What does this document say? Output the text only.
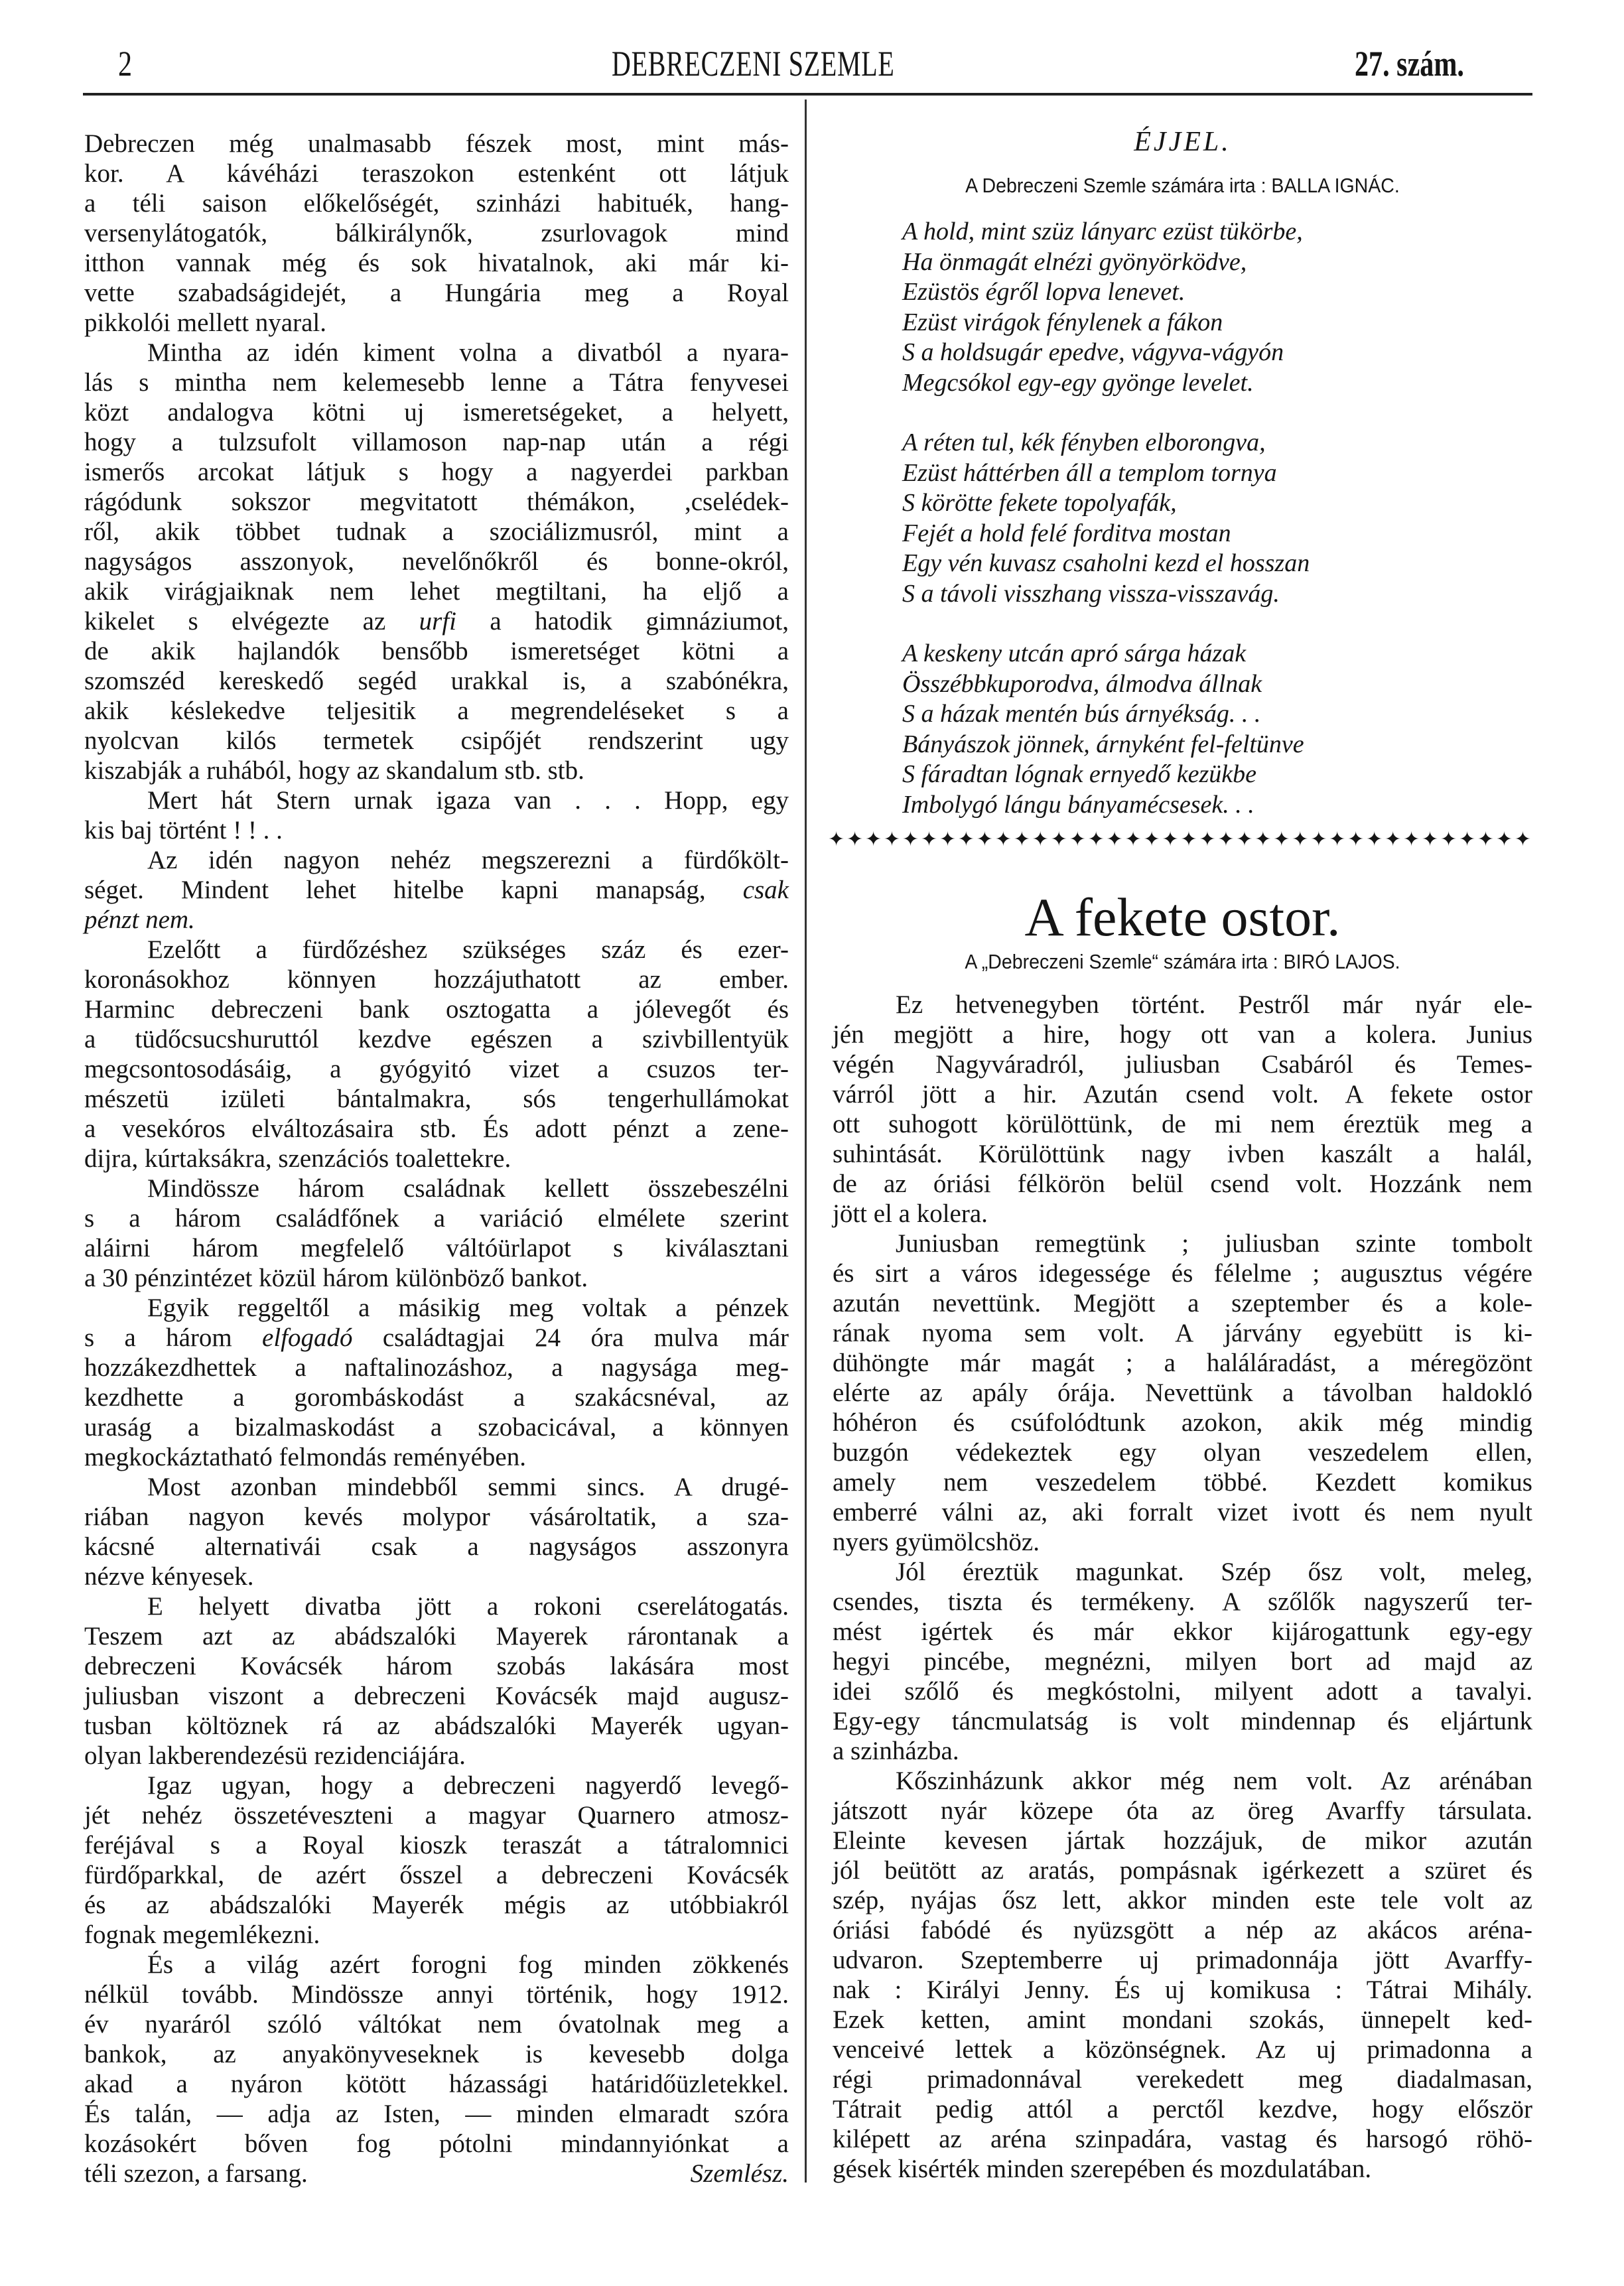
2	DEBRECZENI SZEMLE	27. szám.
Debreczen még unalmasabb fészek most, mint más-
kor. A kávéházi teraszokon estenként ott látjuk
a téli saison előkelőségét, szinházi habituék, hang-
versenylátogatók, bálkirálynők, zsurlovagok mind
itthon vannak még és sok hivatalnok, aki már ki-
vette szabadságidejét, a Hungária meg a Royal
pikkolói mellett nyaral.
Mintha az idén kiment volna a divatból a nyara-
lás s mintha nem kelemesebb lenne a Tátra fenyvesei
közt andalogva kötni uj ismeretségeket, a helyett,
hogy a tulzsufolt villamoson nap-nap után a régi
ismerős arcokat látjuk s hogy a nagyerdei parkban
rágódunk sokszor megvitatott thémákon, ,cselédek-
ről, akik többet tudnak a szociálizmusról, mint a
nagyságos asszonyok, nevelőnőkről és bonne-okról,
akik virágjaiknak nem lehet megtiltani, ha eljő a
kikelet s elvégezte az urfi a hatodik gimnáziumot,
de akik hajlandók bensőbb ismeretséget kötni a
szomszéd kereskedő segéd urakkal is, a szabónékra,
akik késlekedve teljesitik a megrendeléseket s a
nyolcvan kilós termetek csipőjét rendszerint ugy
kiszabják a ruhából, hogy az skandalum stb. stb.
Mert hát Stern urnak igaza van . . . Hopp, egy
kis baj történt ! ! . .
Az idén nagyon nehéz megszerezni a fürdőkölt-
séget. Mindent lehet hitelbe kapni manapság, csak
pénzt nem.
Ezelőtt a fürdőzéshez szükséges száz és ezer-
koronásokhoz könnyen hozzájuthatott az ember.
Harminc debreczeni bank osztogatta a jólevegőt és
a tüdőcsucshuruttól kezdve egészen a szivbillentyük
megcsontosodásáig, a gyógyitó vizet a csuzos ter-
mészetü izületi bántalmakra, sós tengerhullámokat
a vesekóros elváltozásaira stb. És adott pénzt a zene-
dijra, kúrtaksákra, szenzációs toalettekre.
Mindössze három családnak kellett összebeszélni
s a három családfőnek a variáció elmélete szerint
aláirni három megfelelő váltóürlapot s kiválasztani
a 30 pénzintézet közül három különböző bankot.
Egyik reggeltől a másikig meg voltak a pénzek
s a három elfogadó családtagjai 24 óra mulva már
hozzákezdhettek a naftalinozáshoz, a nagysága meg-
kezdhette a gorombáskodást a szakácsnéval, az
uraság a bizalmaskodást a szobacicával, a könnyen
megkockáztatható felmondás reményében.
Most azonban mindebből semmi sincs. A drugé-
riában nagyon kevés molypor vásároltatik, a sza-
kácsné alternativái csak a nagyságos asszonyra
nézve kényesek.
E helyett divatba jött a rokoni cserelátogatás.
Teszem azt az abádszalóki Mayerek rárontanak a
debreczeni Kovácsék három szobás lakására most
juliusban viszont a debreczeni Kovácsék majd augusz-
tusban költöznek rá az abádszalóki Mayerék ugyan-
olyan lakberendezésü rezidenciájára.
Igaz ugyan, hogy a debreczeni nagyerdő levegő-
jét nehéz összetéveszteni a magyar Quarnero atmosz-
feréjával s a Royal kioszk teraszát a tátralomnici
fürdőparkkal, de azért ősszel a debreczeni Kovácsék
és az abádszalóki Mayerék mégis az utóbbiakról
fognak megemlékezni.
És a világ azért forogni fog minden zökkenés
nélkül tovább. Mindössze annyi történik, hogy 1912.
év nyaráról szóló váltókat nem óvatolnak meg a
bankok, az anyakönyveseknek is kevesebb dolga
akad a nyáron kötött házassági határidőüzletekkel.
És talán, — adja az Isten, — minden elmaradt szóra
kozásokért bőven fog pótolni mindannyiónkat a
téli szezon, a farsang.	Szemlész.
ÉJJEL.
A Debreczeni Szemle számára irta : BALLA IGNÁC.
A hold, mint szüz lányarc ezüst tükörbe,
Ha önmagát elnézi gyönyörködve,
Ezüstös égről lopva lenevet.
Ezüst virágok fénylenek a fákon
S a holdsugár epedve, vágyva-vágyón
Megcsókol egy-egy gyönge levelet.
A réten tul, kék fényben elborongva,
Ezüst háttérben áll a templom tornya
S körötte fekete topolyafák,
Fejét a hold felé forditva mostan
Egy vén kuvasz csaholni kezd el hosszan
S a távoli visszhang vissza-visszavág.
A keskeny utcán apró sárga házak
Összébbkuporodva, álmodva állnak
S a házak mentén bús árnyékság. . .
Bányászok jönnek, árnyként fel-feltünve
S fáradtan lógnak ernyedő kezükbe
Imbolygó lángu bányamécsesek. . .
✦ ✦ ✦ ✦ ✦ ✦ ✦ ✦ ✦ ✦ ✦ ✦ ✦ ✦ ✦ ✦ ✦ ✦ ✦ ✦ ✦ ✦ ✦ ✦ ✦ ✦ ✦ ✦ ✦ ✦ ✦ ✦ ✦ ✦ ✦ ✦ ✦ ✦
A fekete ostor.
A „Debreczeni Szemle“ számára irta : BIRÓ LAJOS.
Ez hetvenegyben történt. Pestről már nyár ele-
jén megjött a hire, hogy ott van a kolera. Junius
végén Nagyváradról, juliusban Csabáról és Temes-
várról jött a hir. Azután csend volt. A fekete ostor
ott suhogott körülöttünk, de mi nem éreztük meg a
suhintását. Körülöttünk nagy ivben kaszált a halál,
de az óriási félkörön belül csend volt. Hozzánk nem
jött el a kolera.
Juniusban remegtünk ; juliusban szinte tombolt
és sirt a város idegessége és félelme ; augusztus végére
azután nevettünk. Megjött a szeptember és a kole-
rának nyoma sem volt. A járvány egyebütt is ki-
dühöngte már magát ; a haláláradást, a méregözönt
elérte az apály órája. Nevettünk a távolban haldokló
hóhéron és csúfolódtunk azokon, akik még mindig
buzgón védekeztek egy olyan veszedelem ellen,
amely nem veszedelem többé. Kezdett komikus
emberré válni az, aki forralt vizet ivott és nem nyult
nyers gyümölcshöz.
Jól éreztük magunkat. Szép ősz volt, meleg,
csendes, tiszta és termékeny. A szőlők nagyszerű ter-
mést igértek és már ekkor kijárogattunk egy-egy
hegyi pincébe, megnézni, milyen bort ad majd az
idei szőlő és megkóstolni, milyent adott a tavalyi.
Egy-egy táncmulatság is volt mindennap és eljártunk
a szinházba.
Kőszinházunk akkor még nem volt. Az arénában
játszott nyár közepe óta az öreg Avarffy társulata.
Eleinte kevesen jártak hozzájuk, de mikor azután
jól beütött az aratás, pompásnak igérkezett a szüret és
szép, nyájas ősz lett, akkor minden este tele volt az
óriási fabódé és nyüzsgött a nép az akácos aréna-
udvaron. Szeptemberre uj primadonnája jött Avarffy-
nak : Királyi Jenny. És uj komikusa : Tátrai Mihály.
Ezek ketten, amint mondani szokás, ünnepelt ked-
venceivé lettek a közönségnek. Az uj primadonna a
régi primadonnával verekedett meg diadalmasan,
Tátrait pedig attól a perctől kezdve, hogy először
kilépett az aréna szinpadára, vastag és harsogó röhö-
gések kisérték minden szerepében és mozdulatában.
